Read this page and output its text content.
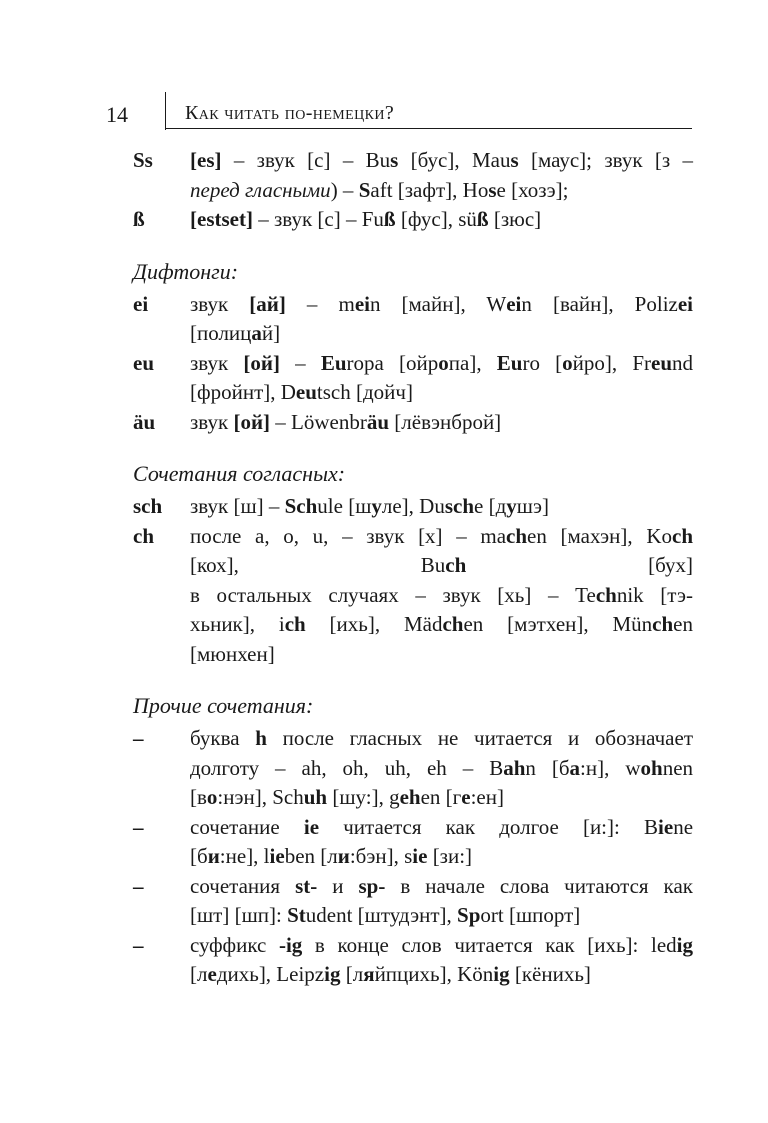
14	Как читать по-немецки?
Ss	[es] – звук [с] – Bus [бус], Maus [маус]; звук [з –
перед гласными) – Saft [зафт], Hose [хозэ];
ß	[estset] – звук [с] – Fuß [фус], süß [зюс]
Дифтонги:
ei	звук [ай] – mein [майн], Wein [вайн], Polizei
[полицай]
eu	звук [ой] – Europa [ойропа], Euro [ойро], Freund
[фройнт], Deutsch [дойч]
äu	звук [ой] – Löwenbräu [лёвэнброй]
Сочетания согласных:
sch	звук [ш] – Schule [шуле], Dusche [душэ]
ch	после a, o, u, – звук [х] – machen [махэн], Koch
[кох], Buch [бух]
в остальных случаях – звук [хь] – Technik [тэ-
хьник], ich [ихь], Mädchen [мэтхен], München
[мюнхен]
Прочие сочетания:
–	буква h после гласных не читается и обозначает
долготу – ah, oh, uh, eh – Bahn [ба:н], wohnen
[во:нэн], Schuh [шу:], gehen [ге:ен]
–	сочетание ie читается как долгое [и:]: Biene
[би:не], lieben [ли:бэн], sie [зи:]
–	сочетания st- и sp- в начале слова читаются как
[шт] [шп]: Student [штудэнт], Sport [шпорт]
–	суффикс -ig в конце слов читается как [ихь]: ledig
[ледихь], Leipzig [ляйпцихь], König [кёнихь]
